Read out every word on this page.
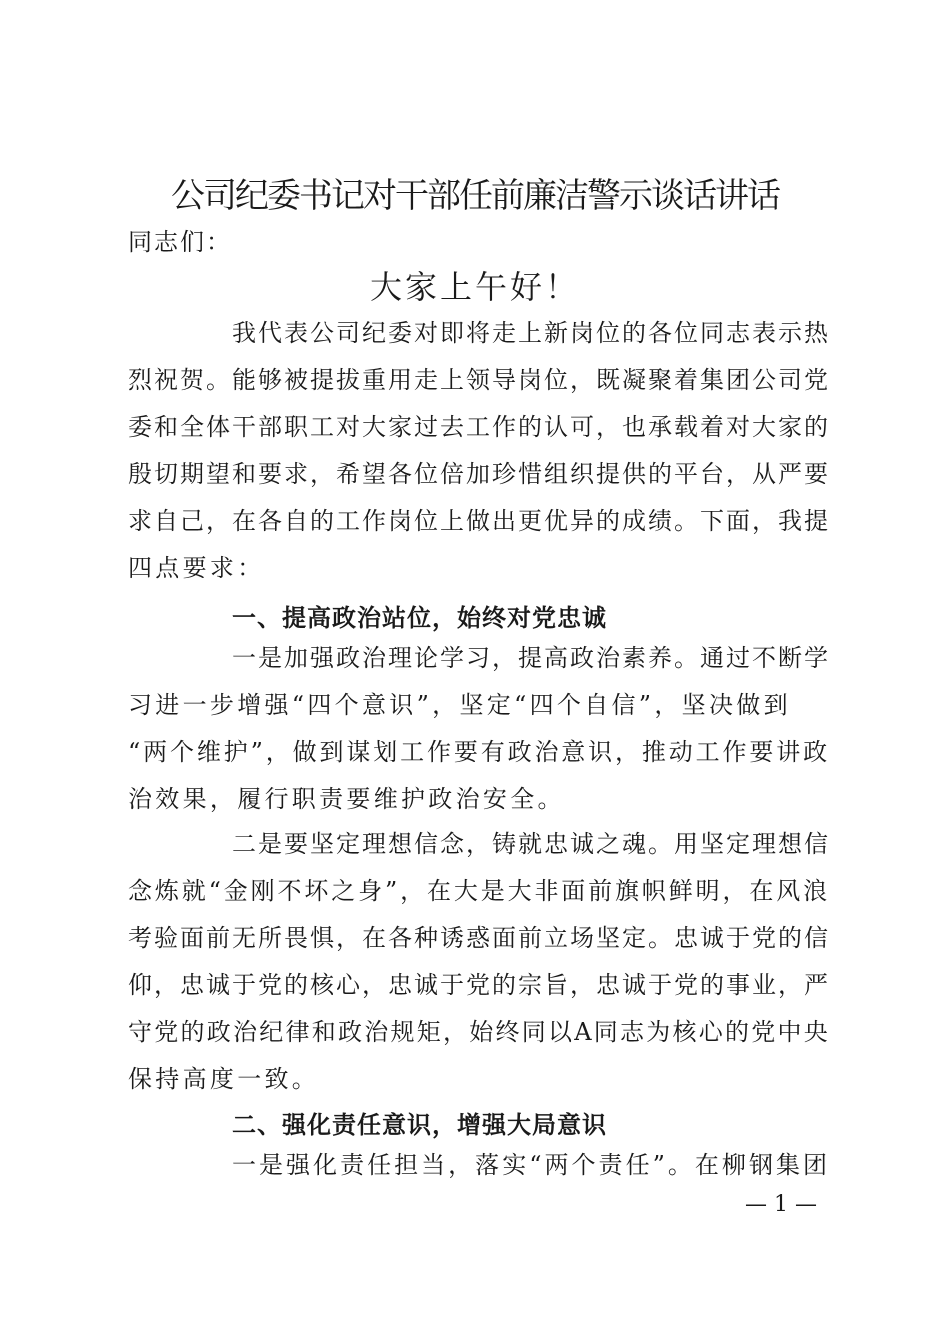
公司纪委书记对干部任前廉洁警示谈话讲话
同志们：
大家上午好！
我代表公司纪委对即将走上新岗位的各位同志表示热
烈祝贺。能够被提拔重用走上领导岗位，既凝聚着集团公司党
委和全体干部职工对大家过去工作的认可，也承载着对大家的
殷切期望和要求，希望各位倍加珍惜组织提供的平台，从严要
求自己，在各自的工作岗位上做出更优异的成绩。下面，我提
四点要求：
一、提高政治站位，始终对党忠诚
一是加强政治理论学习，提高政治素养。通过不断学
习进一步增强“四个意识”，坚定“四个自信”，坚决做到
“两个维护”，做到谋划工作要有政治意识，推动工作要讲政
治效果，履行职责要维护政治安全。
二是要坚定理想信念，铸就忠诚之魂。用坚定理想信
念炼就“金刚不坏之身”，在大是大非面前旗帜鲜明，在风浪
考验面前无所畏惧，在各种诱惑面前立场坚定。忠诚于党的信
仰，忠诚于党的核心，忠诚于党的宗旨，忠诚于党的事业，严
守党的政治纪律和政治规矩，始终同以A同志为核心的党中央
保持高度一致。
二、强化责任意识，增强大局意识
一是强化责任担当，落实“两个责任”。在柳钢集团
— 1 —
